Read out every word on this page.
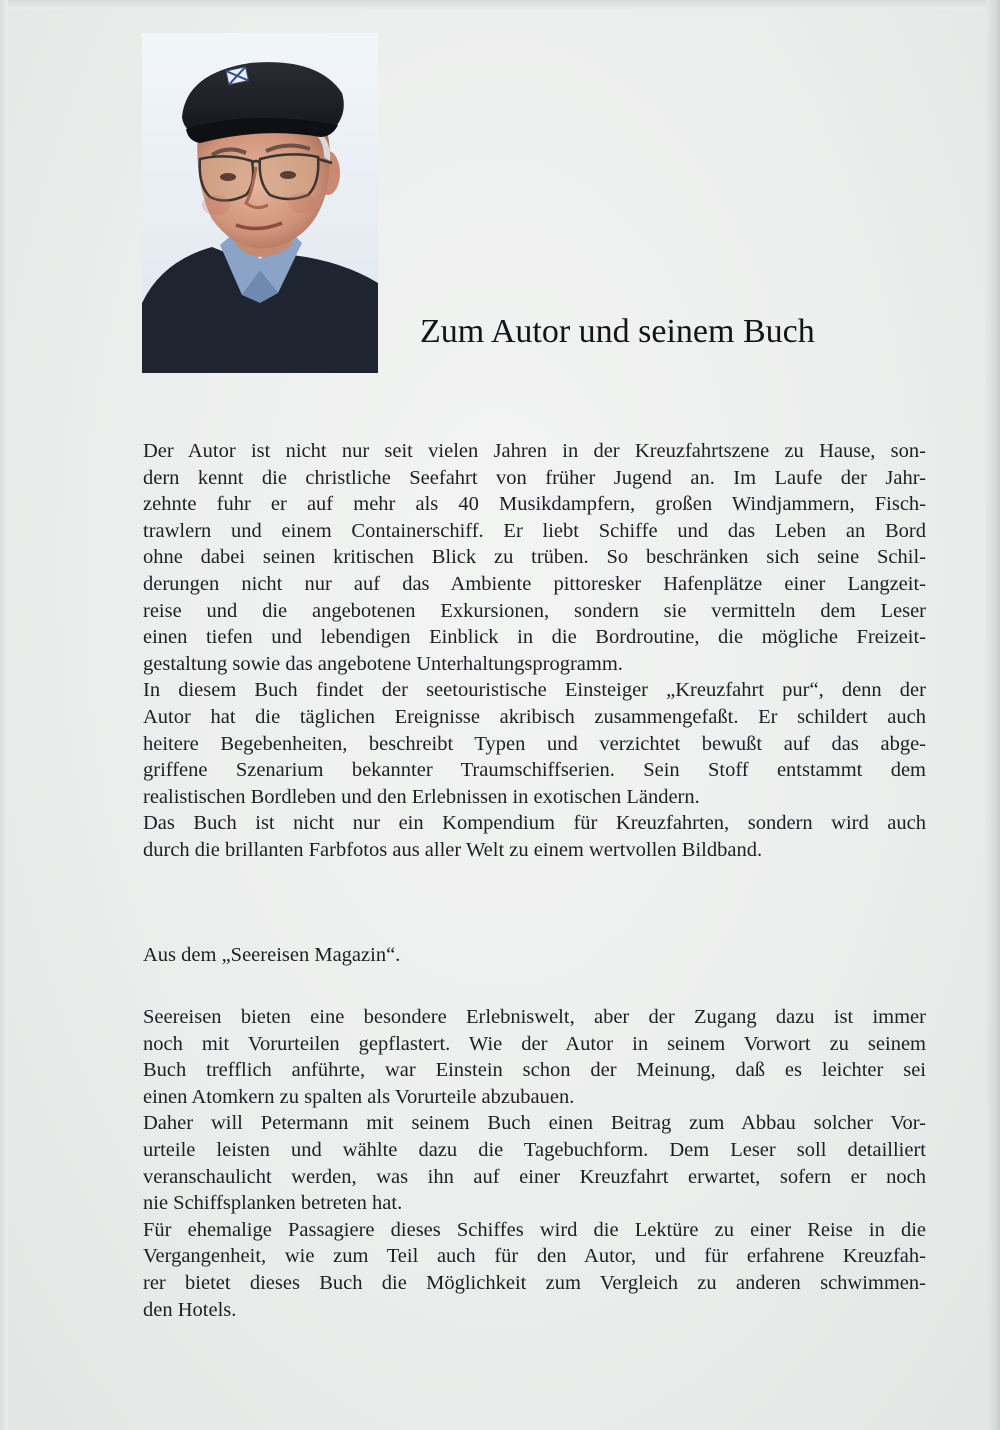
Zum Autor und seinem Buch
Der Autor ist nicht nur seit vielen Jahren in der Kreuzfahrtszene zu Hause, son-
dern kennt die christliche Seefahrt von früher Jugend an. Im Laufe der Jahr-
zehnte fuhr er auf mehr als 40 Musikdampfern, großen Windjammern, Fisch-
trawlern und einem Containerschiff. Er liebt Schiffe und das Leben an Bord
ohne dabei seinen kritischen Blick zu trüben. So beschränken sich seine Schil-
derungen nicht nur auf das Ambiente pittoresker Hafenplätze einer Langzeit-
reise und die angebotenen Exkursionen, sondern sie vermitteln dem Leser
einen tiefen und lebendigen Einblick in die Bordroutine, die mögliche Freizeit-
gestaltung sowie das angebotene Unterhaltungsprogramm.
In diesem Buch findet der seetouristische Einsteiger „Kreuzfahrt pur“, denn der
Autor hat die täglichen Ereignisse akribisch zusammengefaßt. Er schildert auch
heitere Begebenheiten, beschreibt Typen und verzichtet bewußt auf das abge-
griffene Szenarium bekannter Traumschiffserien. Sein Stoff entstammt dem
realistischen Bordleben und den Erlebnissen in exotischen Ländern.
Das Buch ist nicht nur ein Kompendium für Kreuzfahrten, sondern wird auch
durch die brillanten Farbfotos aus aller Welt zu einem wertvollen Bildband.
Aus dem „Seereisen Magazin“.
Seereisen bieten eine besondere Erlebniswelt, aber der Zugang dazu ist immer
noch mit Vorurteilen gepflastert. Wie der Autor in seinem Vorwort zu seinem
Buch trefflich anführte, war Einstein schon der Meinung, daß es leichter sei
einen Atomkern zu spalten als Vorurteile abzubauen.
Daher will Petermann mit seinem Buch einen Beitrag zum Abbau solcher Vor-
urteile leisten und wählte dazu die Tagebuchform. Dem Leser soll detailliert
veranschaulicht werden, was ihn auf einer Kreuzfahrt erwartet, sofern er noch
nie Schiffsplanken betreten hat.
Für ehemalige Passagiere dieses Schiffes wird die Lektüre zu einer Reise in die
Vergangenheit, wie zum Teil auch für den Autor, und für erfahrene Kreuzfah-
rer bietet dieses Buch die Möglichkeit zum Vergleich zu anderen schwimmen-
den Hotels.
